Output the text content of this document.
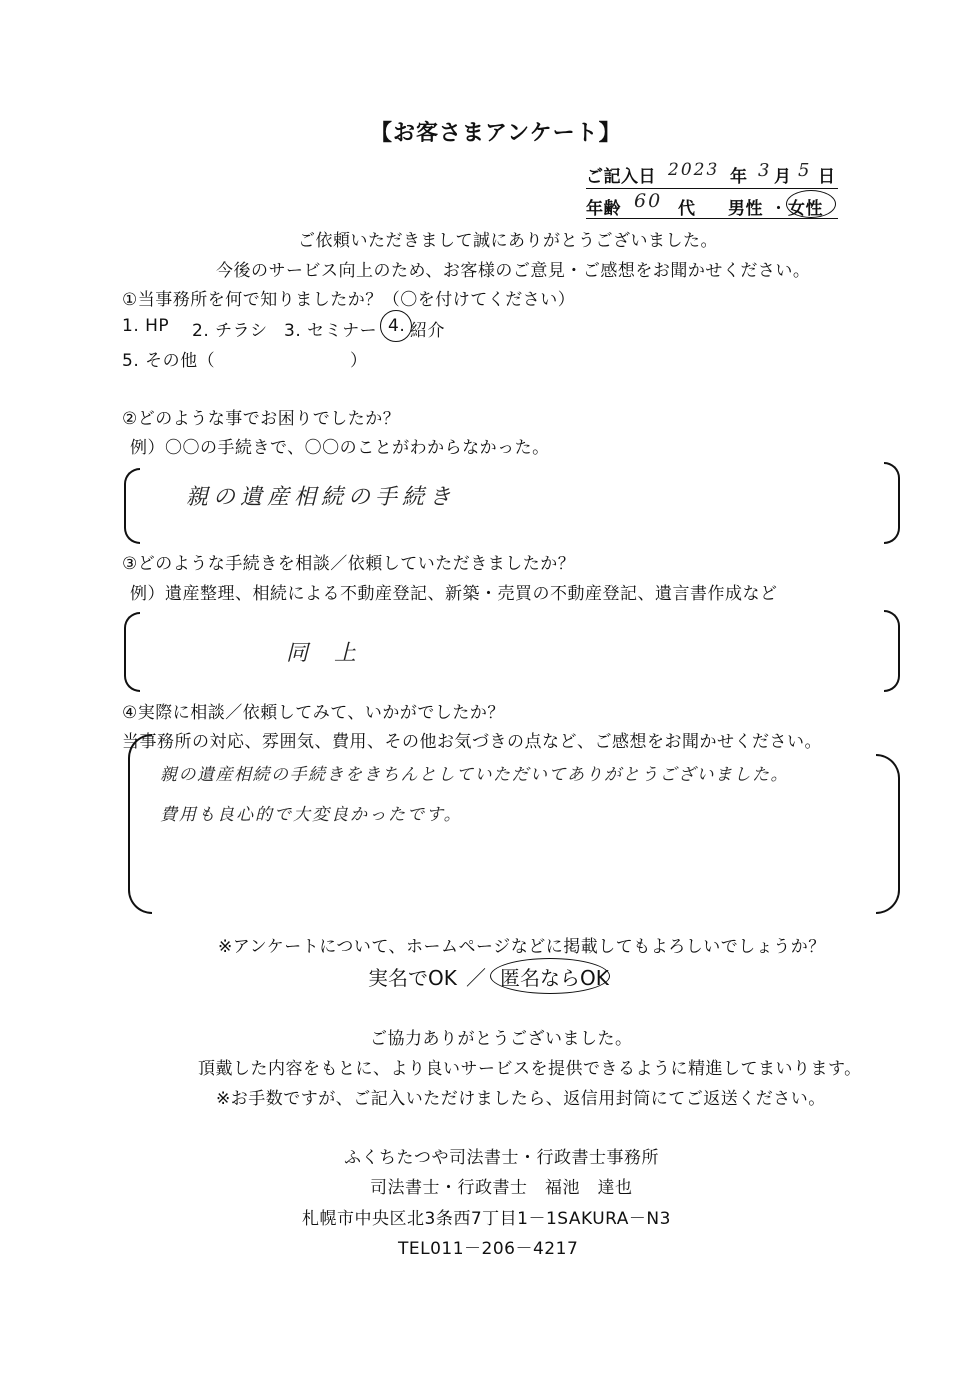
【お客さまアンケート】
ご記入日 2023 年 3 月 5 日
年齢 60 代 男性 ・ 女性
ご依頼いただきまして誠にありがとうございました。
今後のサービス向上のため、お客様のご意見・ご感想をお聞かせください。
①当事務所を何で知りましたか？（〇を付けてください）
1. HP 2. チラシ 3. セミナー 4. 紹介
5. その他（	）
②どのような事でお困りでしたか？
例）〇〇の手続きで、〇〇のことがわからなかった。
親の遺産相続の手続き
③どのような手続きを相談／依頼していただきましたか？
例）遺産整理、相続による不動産登記、新築・売買の不動産登記、遺言書作成など
同上
④実際に相談／依頼してみて、いかがでしたか？
当事務所の対応、雰囲気、費用、その他お気づきの点など、ご感想をお聞かせください。
親の遺産相続の手続きをきちんとしていただいてありがとうございました。
費用も良心的で大変良かったです。
※アンケートについて、ホームページなどに掲載してもよろしいでしょうか？
実名でOK ／ 匿名ならOK
ご協力ありがとうございました。
頂戴した内容をもとに、より良いサービスを提供できるように精進してまいります。
※お手数ですが、ご記入いただけましたら、返信用封筒にてご返送ください。
ふくちたつや司法書士・行政書士事務所
司法書士・行政書士　福池　達也
札幌市中央区北3条西7丁目1－1SAKURA－N3
TEL011－206－4217
